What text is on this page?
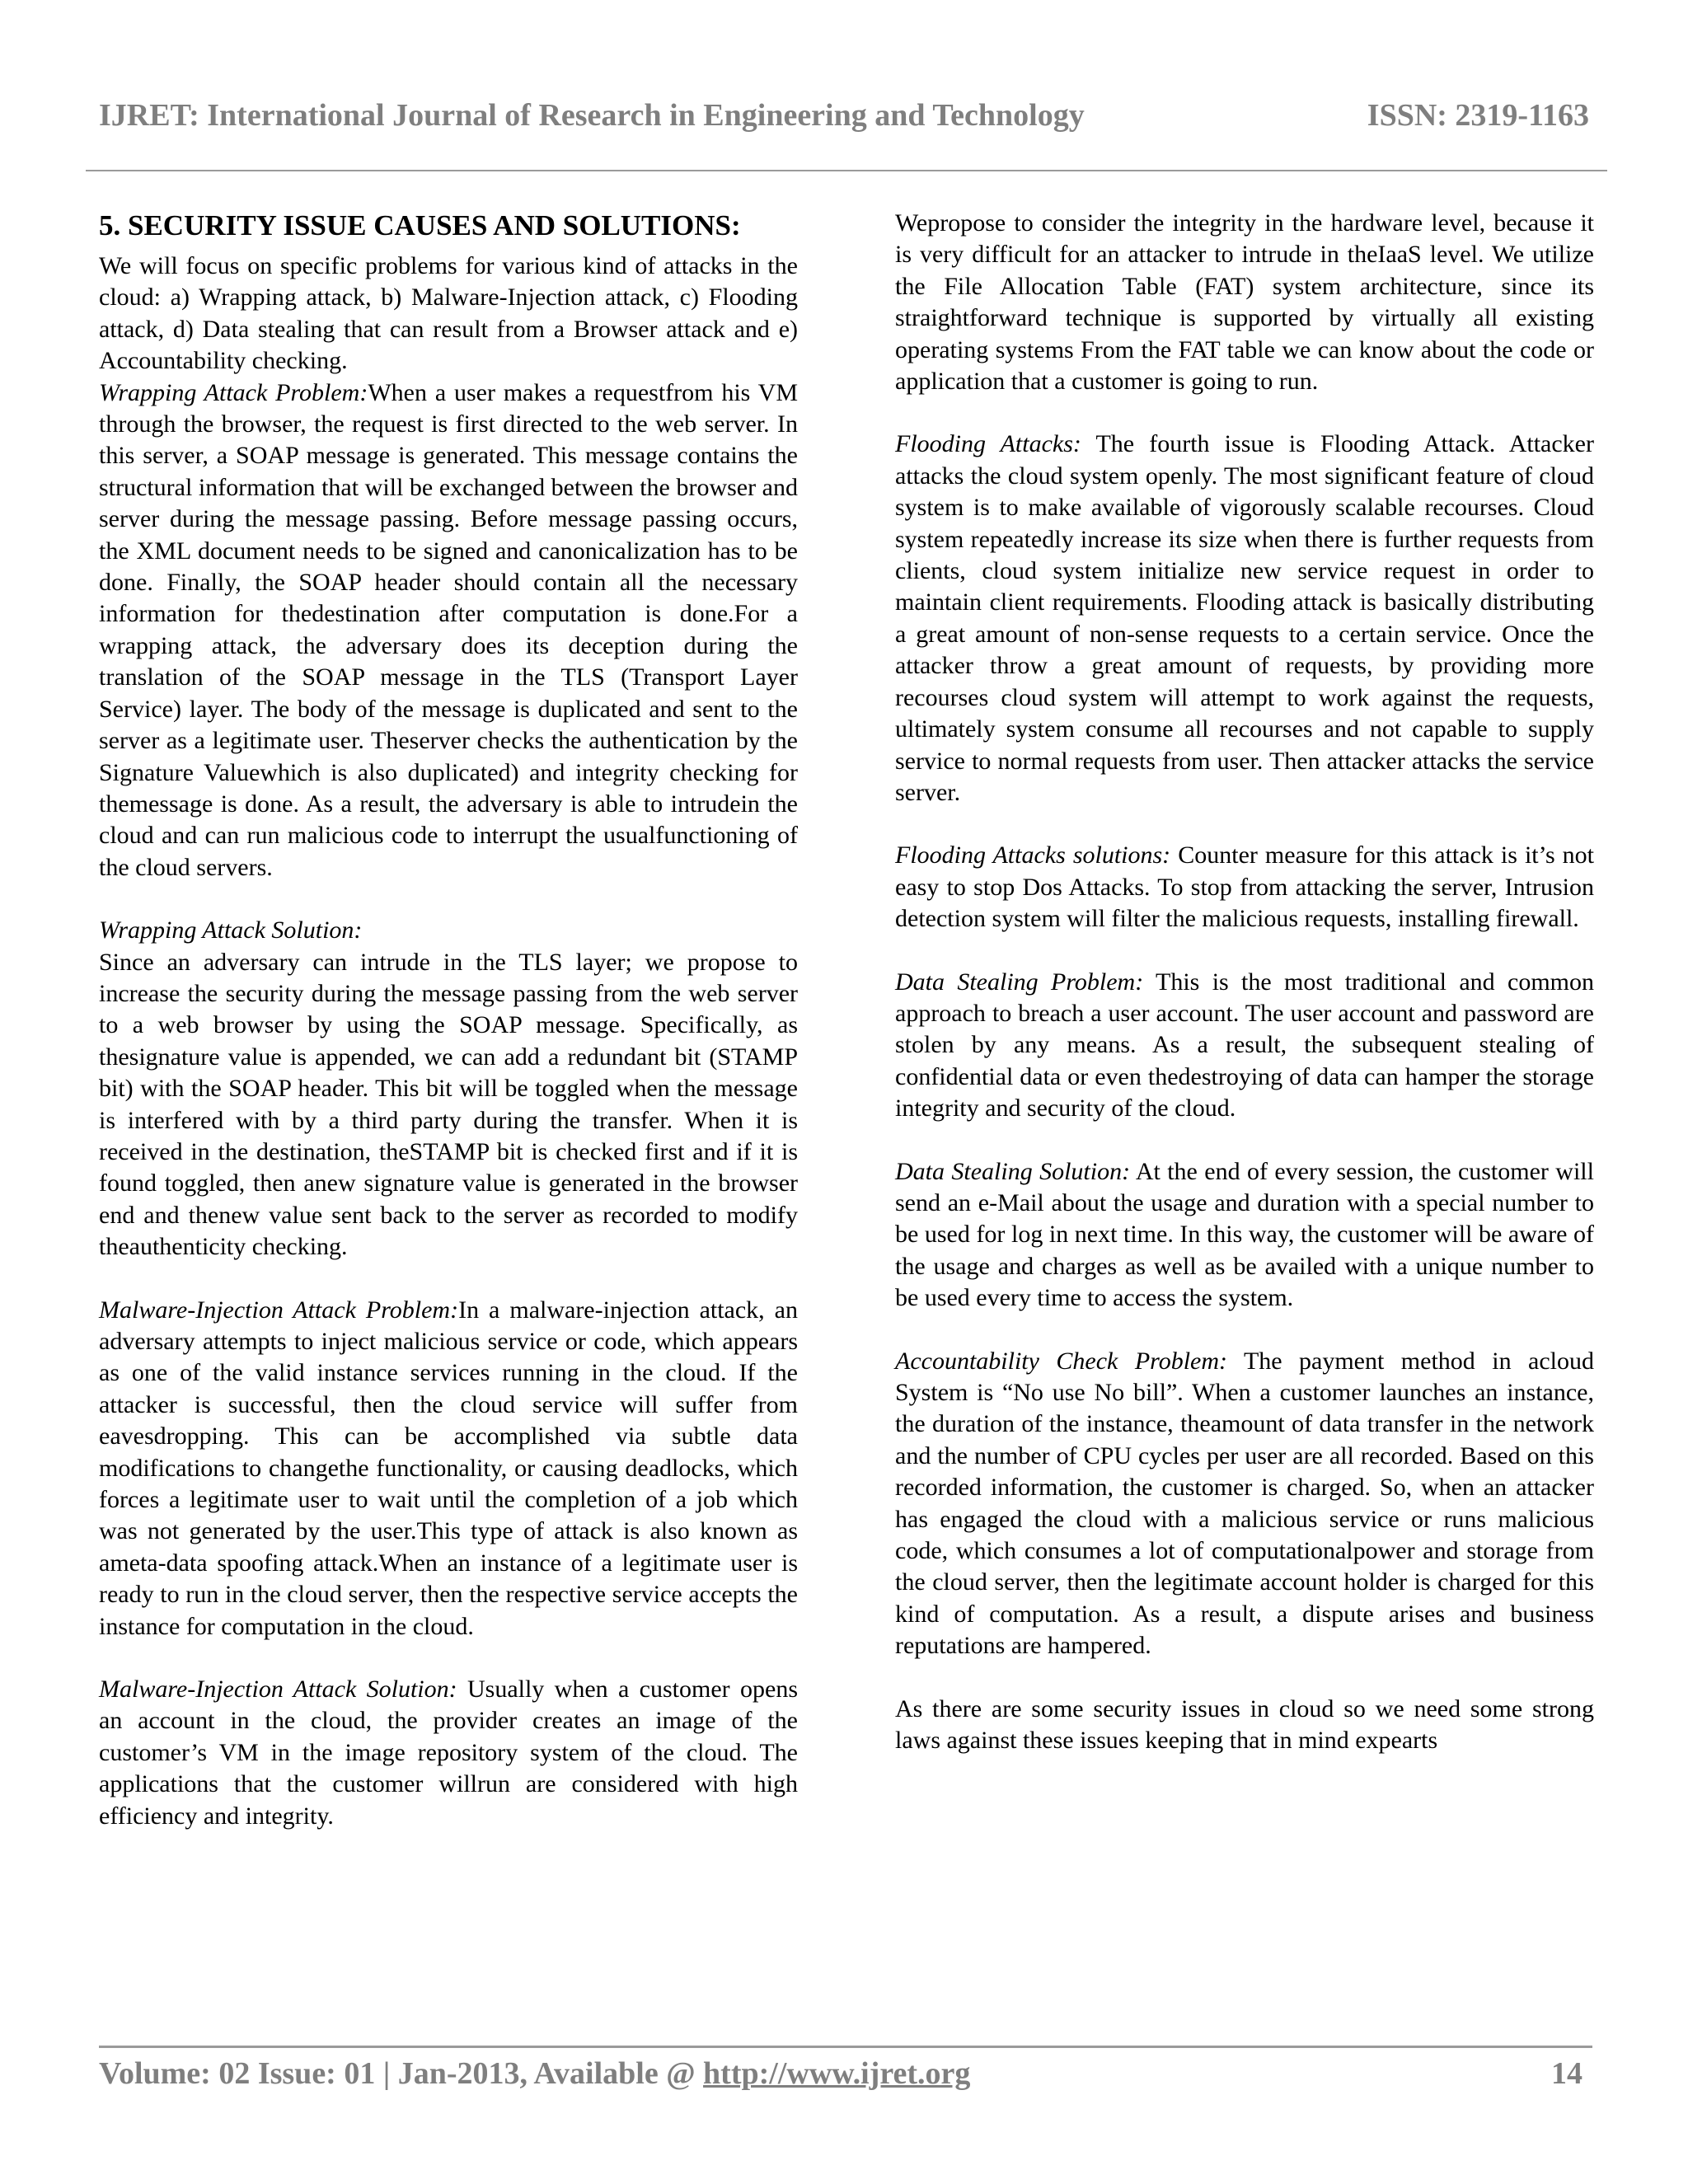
IJRET: International Journal of Research in Engineering and Technology	ISSN: 2319-1163
5. SECURITY ISSUE CAUSES AND SOLUTIONS:

We will focus on specific problems for various kind of attacks in the cloud: a) Wrapping attack, b) Malware-Injection attack, c) Flooding attack, d) Data stealing that can result from a Browser attack and e) Accountability checking.

Wrapping Attack Problem:When a user makes a requestfrom his VM through the browser, the request is first directed to the web server. In this server, a SOAP message is generated. This message contains the structural information that will be exchanged between the browser and server during the message passing. Before message passing occurs, the XML document needs to be signed and canonicalization has to be done. Finally, the SOAP header should contain all the necessary information for thedestination after computation is done.For a wrapping attack, the adversary does its deception during the translation of the SOAP message in the TLS (Transport Layer Service) layer. The body of the message is duplicated and sent to the server as a legitimate user. Theserver checks the authentication by the Signature Valuewhich is also duplicated) and integrity checking for themessage is done. As a result, the adversary is able to intrudein the cloud and can run malicious code to interrupt the usualfunctioning of the cloud servers.

Wrapping Attack Solution:

Since an adversary can intrude in the TLS layer; we propose to increase the security during the message passing from the web server to a web browser by using the SOAP message. Specifically, as thesignature value is appended, we can add a redundant bit (STAMP bit) with the SOAP header. This bit will be toggled when the message is interfered with by a third party during the transfer. When it is received in the destination, theSTAMP bit is checked first and if it is found toggled, then anew signature value is generated in the browser end and thenew value sent back to the server as recorded to modify theauthenticity checking.

Malware-Injection Attack Problem:In a malware-injection attack, an adversary attempts to inject malicious service or code, which appears as one of the valid instance services running in the cloud. If the attacker is successful, then the cloud service will suffer from eavesdropping. This can be accomplished via subtle data modifications to changethe functionality, or causing deadlocks, which forces a legitimate user to wait until the completion of a job which was not generated by the user.This type of attack is also known as ameta-data spoofing attack.When an instance of a legitimate user is ready to run in the cloud server, then the respective service accepts the instance for computation in the cloud.

Malware-Injection Attack Solution: Usually when a customer opens an account in the cloud, the provider creates an image of the customer’s VM in the image repository system of the cloud. The applications that the customer willrun are considered with high efficiency and integrity.

Wepropose to consider the integrity in the hardware level, because it is very difficult for an attacker to intrude in theIaaS level. We utilize the File Allocation Table (FAT) system architecture, since its straightforward technique is supported by virtually all existing operating systems From the FAT table we can know about the code or application that a customer is going to run.

Flooding Attacks: The fourth issue is Flooding Attack. Attacker attacks the cloud system openly. The most significant feature of cloud system is to make available of vigorously scalable recourses. Cloud system repeatedly increase its size when there is further requests from clients, cloud system initialize new service request in order to maintain client requirements. Flooding attack is basically distributing a great amount of non-sense requests to a certain service. Once the attacker throw a great amount of requests, by providing more recourses cloud system will attempt to work against the requests, ultimately system consume all recourses and not capable to supply service to normal requests from user. Then attacker attacks the service server.

Flooding Attacks solutions: Counter measure for this attack is it’s not easy to stop Dos Attacks. To stop from attacking the server, Intrusion detection system will filter the malicious requests, installing firewall.

Data Stealing Problem: This is the most traditional and common approach to breach a user account. The user account and password are stolen by any means. As a result, the subsequent stealing of confidential data or even thedestroying of data can hamper the storage integrity and security of the cloud.

Data Stealing Solution: At the end of every session, the customer will send an e-Mail about the usage and duration with a special number to be used for log in next time. In this way, the customer will be aware of the usage and charges as well as be availed with a unique number to be used every time to access the system.

Accountability Check Problem: The payment method in acloud System is “No use No bill”. When a customer launches an instance, the duration of the instance, theamount of data transfer in the network and the number of CPU cycles per user are all recorded. Based on this recorded information, the customer is charged. So, when an attacker has engaged the cloud with a malicious service or runs malicious code, which consumes a lot of computationalpower and storage from the cloud server, then the legitimate account holder is charged for this kind of computation. As a result, a dispute arises and business reputations are hampered.

As there are some security issues in cloud so we need some strong laws against these issues keeping that in mind expearts

Volume: 02 Issue: 01 | Jan-2013, Available @ http://www.ijret.org	14
